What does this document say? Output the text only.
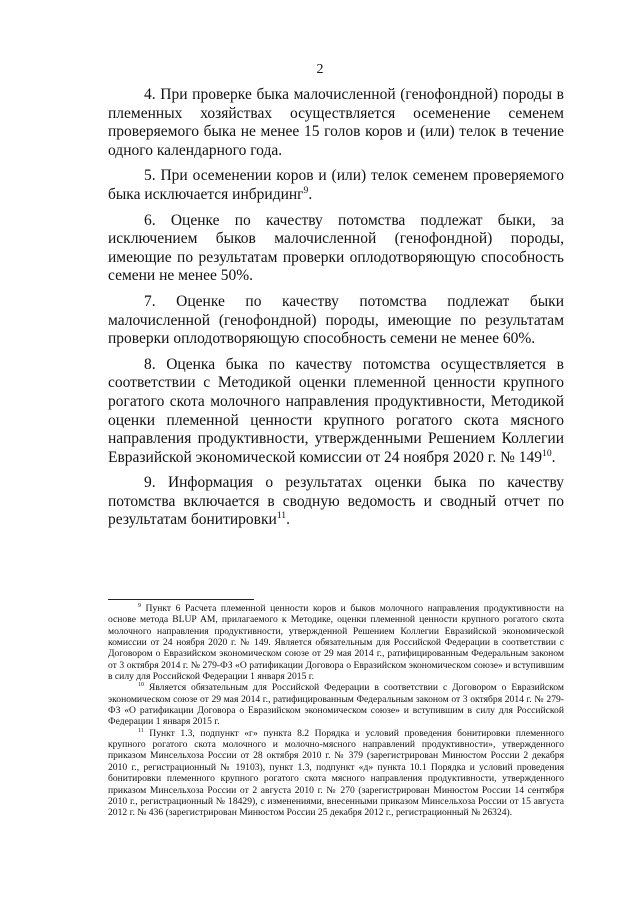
2

4. При проверке быка малочисленной (генофондной) породы в племенных хозяйствах осуществляется осеменение семенем проверяемого быка не менее 15 голов коров и (или) телок в течение одного календарного года.

5. При осеменении коров и (или) телок семенем проверяемого быка исключается инбридинг$^9$.

6. Оценке по качеству потомства подлежат быки, за исключением быков малочисленной (генофондной) породы, имеющие по результатам проверки оплодотворяющую способность семени не менее 50%.

7. Оценке по качеству потомства подлежат быки малочисленной (генофондной) породы, имеющие по результатам проверки оплодотворяющую способность семени не менее 60%.

8. Оценка быка по качеству потомства осуществляется в соответствии с Методикой оценки племенной ценности крупного рогатого скота молочного направления продуктивности, Методикой оценки племенной ценности крупного рогатого скота мясного направления продуктивности, утвержденными Решением Коллегии Евразийской экономической комиссии от 24 ноября 2020 г. № $149^{10}$.

9. Информация о результатах оценки быка по качеству потомства включается в сводную ведомость и сводный отчет по результатам бонитировки$^{11}$.

$^9$ Пункт 6 Расчета племенной ценности коров и быков молочного направления продуктивности на основе метода BLUP AM, прилагаемого к Методике, оценки племенной ценности крупного рогатого скота молочного направления продуктивности, утвержденной Решением Коллегии Евразийской экономической комиссии от 24 ноября 2020 г. № 149. Является обязательным для Российской Федерации в соответствии с Договором о Евразийском экономическом союзе от 29 мая 2014 г., ратифицированным Федеральным законом от 3 октября 2014 г. № 279-ФЗ «О ратификации Договора о Евразийском экономическом союзе» и вступившим в силу для Российской Федерации 1 января 2015 г.

$^{10}$ Является обязательным для Российской Федерации в соответствии с Договором о Евразийском экономическом союзе от 29 мая 2014 г., ратифицированным Федеральным законом от 3 октября 2014 г. № 279-ФЗ «О ратификации Договора о Евразийском экономическом союзе» и вступившим в силу для Российской Федерации 1 января 2015 г.

$^{11}$ Пункт 1.3, подпункт «г» пункта 8.2 Порядка и условий проведения бонитировки племенного крупного рогатого скота молочного и молочно-мясного направлений продуктивности», утвержденного приказом Минсельхоза России от 28 октября 2010 г. № 379 (зарегистрирован Минюстом России 2 декабря 2010 г., регистрационный № 19103), пункт 1.3, подпункт «д» пункта 10.1 Порядка и условий проведения бонитировки племенного крупного рогатого скота мясного направления продуктивности, утвержденного приказом Минсельхоза России от 2 августа 2010 г. № 270 (зарегистрирован Минюстом России 14 сентября 2010 г., регистрационный № 18429), с изменениями, внесенными приказом Минсельхоза России от 15 августа 2012 г. № 436 (зарегистрирован Минюстом России 25 декабря 2012 г., регистрационный № 26324).
